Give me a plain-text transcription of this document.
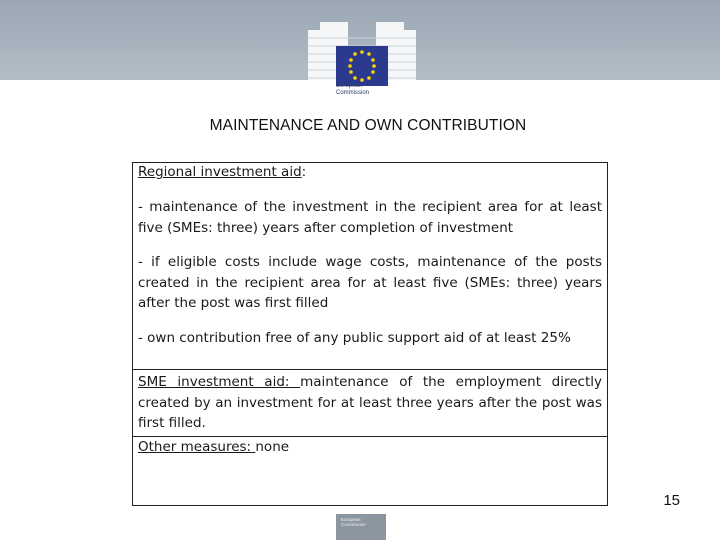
European
Commission
MAINTENANCE AND OWN CONTRIBUTION
Regional investment aid:
- maintenance of the investment in the recipient area for at least five (SMEs: three) years after completion of investment
- if eligible costs include wage costs, maintenance of the posts created in the recipient area for at least five (SMEs: three) years after the post was first filled
- own contribution free of any public support aid of at least 25%
SME investment aid: maintenance of the employment directly created by an investment for at least three years after the post was first filled.
Other measures: none
15
European Commission
